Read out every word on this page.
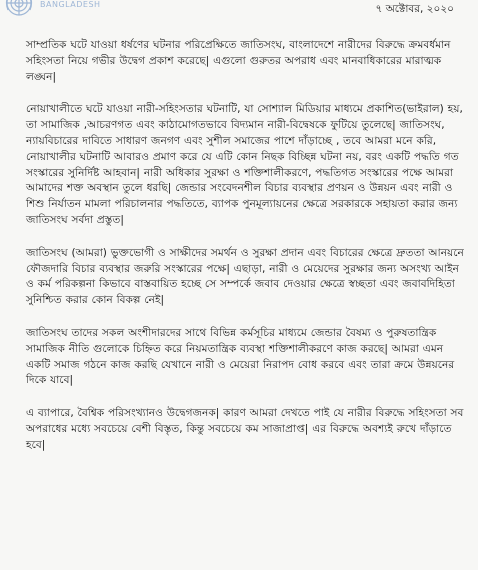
BANGLADESH	৭ অক্টোবর, ২০২০

সাম্প্রতিক ঘটে যাওয়া ধর্ষণের ঘটনার পরিপ্রেক্ষিতে জাতিসংঘ, বাংলাদেশে নারীদের বিরুদ্ধে ক্রমবর্ধমান সহিংসতা নিয়ে গভীর উদ্বেগ প্রকাশ করেছে| এগুলো গুরুতর অপরাধ এবং মানবাধিকারের মারাত্মক লঙ্ঘন|

নোয়াখালীতে ঘটে যাওয়া নারী-সহিংসতার ঘটনাটি, যা সোশ্যাল মিডিয়ার মাধ্যমে প্রকাশিত(ভাইরাল) হয়, তা সামাজিক ,আচরণগত এবং কাঠামোগতভাবে বিদ্যমান নারী-বিদ্বেষকে ফুটিয়ে তুলেছে| জাতিসংঘ, ন্যায়বিচারের দাবিতে সাধারণ জনগণ এবং সুশীল সমাজের পাশে দাঁড়াচ্ছে , তবে আমরা মনে করি, নোয়াখালীর ঘটনাটি আবারও প্রমাণ করে যে এটি কোন নিছক বিচ্ছিন্ন ঘটনা নয়, বরং একটি পদ্ধতি গত সংস্কারের সুনির্দিষ্ট আহবান| নারী অধিকার সুরক্ষা ও শক্তিশালীকরণে, পদ্ধতিগত সংস্কারের পক্ষে আমরা আমাদের শক্ত অবস্থান তুলে ধরছি| জেন্ডার সংবেদনশীল বিচার ব্যবস্থার প্রণয়ন ও উন্নয়ন এবং নারী ও শিশু নির্যাতন মামলা পরিচালনার পদ্ধতিতে, ব্যাপক পুনমূল্যায়নের ক্ষেত্রে সরকারকে সহায়তা করার জন্য জাতিসংঘ সর্বদা প্রস্তুত|

জাতিসংঘ (আমরা) ভুক্তভোগী ও সাক্ষীদের সমর্থন ও সুরক্ষা প্রদান এবং বিচারের ক্ষেত্রে দ্রুততা আনয়নে ফৌজদারি বিচার ব্যবস্থার জরুরি সংস্কারের পক্ষে| এছাড়া, নারী ও মেয়েদের সুরক্ষার জন্য অসংখ্য আইন ও কর্ম পরিকল্পনা কিভাবে বাস্তবায়িত হচ্ছে সে সম্পর্কে জবাব দেওয়ার ক্ষেত্রে স্বচ্ছতা এবং জবাবদিহিতা সুনিশ্চিত করার কোন বিকল্প নেই|

জাতিসংঘ তাদের সকল অংশীদারদের সাথে বিভিন্ন কর্মসূচির মাধ্যমে জেন্ডার বৈষম্য ও পুরুষতান্ত্রিক সামাজিক নীতি গুলোকে চিহ্নিত করে নিয়মতান্ত্রিক ব্যবস্থা শক্তিশালীকরণে কাজ করছে| আমরা এমন একটি সমাজ গঠনে কাজ করছি যেখানে নারী ও মেয়েরা নিরাপদ বোধ করবে এবং তারা ক্রমে উন্নয়নের দিকে যাবে|

এ ব্যাপারে, বৈশ্বিক পরিসংখ্যানও উদ্বেগজনক| কারণ আমরা দেখতে পাই যে নারীর বিরুদ্ধে সহিংসতা সব অপরাধের মধ্যে সবচেয়ে বেশী বিস্তৃত, কিন্তু সবচেয়ে কম সাজাপ্রাপ্ত| এর বিরুদ্ধে অবশ্যই রুখে দাঁড়াতে হবে|
